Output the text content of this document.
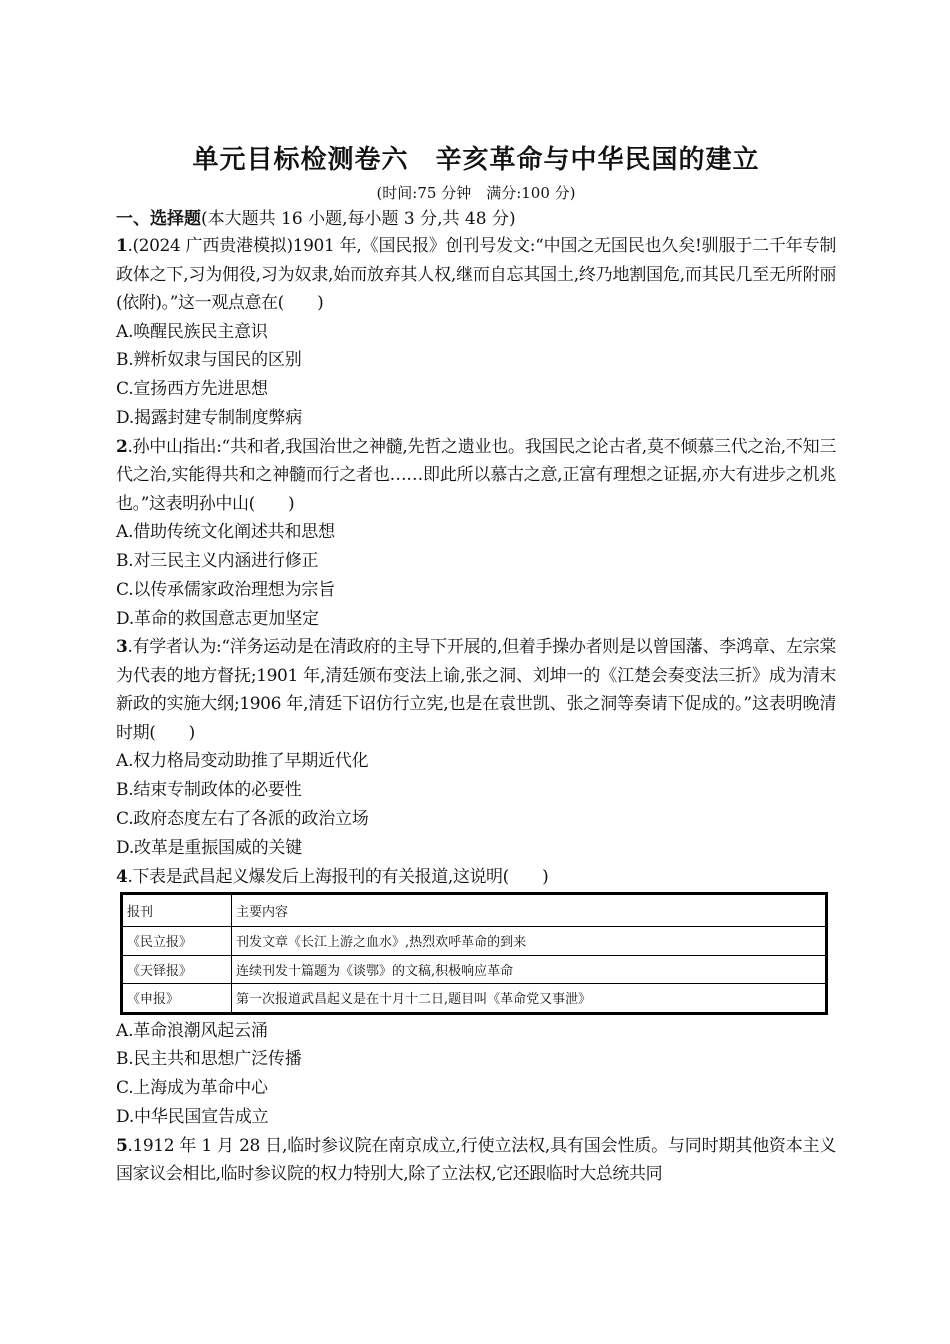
单元目标检测卷六　辛亥革命与中华民国的建立

(时间:75 分钟　满分:100 分)

一、选择题(本大题共 16 小题,每小题 3 分,共 48 分)

1.(2024 广西贵港模拟)1901 年,《国民报》创刊号发文:“中国之无国民也久矣!驯服于二千年专制政体之下,习为佣役,习为奴隶,始而放弃其人权,继而自忘其国土,终乃地割国危,而其民几至无所附丽(依附)。”这一观点意在(　　)

A.唤醒民族民主意识

B.辨析奴隶与国民的区别

C.宣扬西方先进思想

D.揭露封建专制制度弊病

2.孙中山指出:“共和者,我国治世之神髓,先哲之遗业也。我国民之论古者,莫不倾慕三代之治,不知三代之治,实能得共和之神髓而行之者也……即此所以慕古之意,正富有理想之证据,亦大有进步之机兆也。”这表明孙中山(　　)

A.借助传统文化阐述共和思想

B.对三民主义内涵进行修正

C.以传承儒家政治理想为宗旨

D.革命的救国意志更加坚定

3.有学者认为:“洋务运动是在清政府的主导下开展的,但着手操办者则是以曾国藩、李鸿章、左宗棠为代表的地方督抚;1901 年,清廷颁布变法上谕,张之洞、刘坤一的《江楚会奏变法三折》成为清末新政的实施大纲;1906 年,清廷下诏仿行立宪,也是在袁世凯、张之洞等奏请下促成的。”这表明晚清时期(　　)

A.权力格局变动助推了早期近代化

B.结束专制政体的必要性

C.政府态度左右了各派的政治立场

D.改革是重振国威的关键

4.下表是武昌起义爆发后上海报刊的有关报道,这说明(　　)

报刊	主要内容
《民立报》	刊发文章《长江上游之血水》,热烈欢呼革命的到来
《天铎报》	连续刊发十篇题为《谈鄂》的文稿,积极响应革命
《申报》	第一次报道武昌起义是在十月十二日,题目叫《革命党又事泄》

A.革命浪潮风起云涌

B.民主共和思想广泛传播

C.上海成为革命中心

D.中华民国宣告成立

5.1912 年 1 月 28 日,临时参议院在南京成立,行使立法权,具有国会性质。与同时期其他资本主义国家议会相比,临时参议院的权力特别大,除了立法权,它还跟临时大总统共同
